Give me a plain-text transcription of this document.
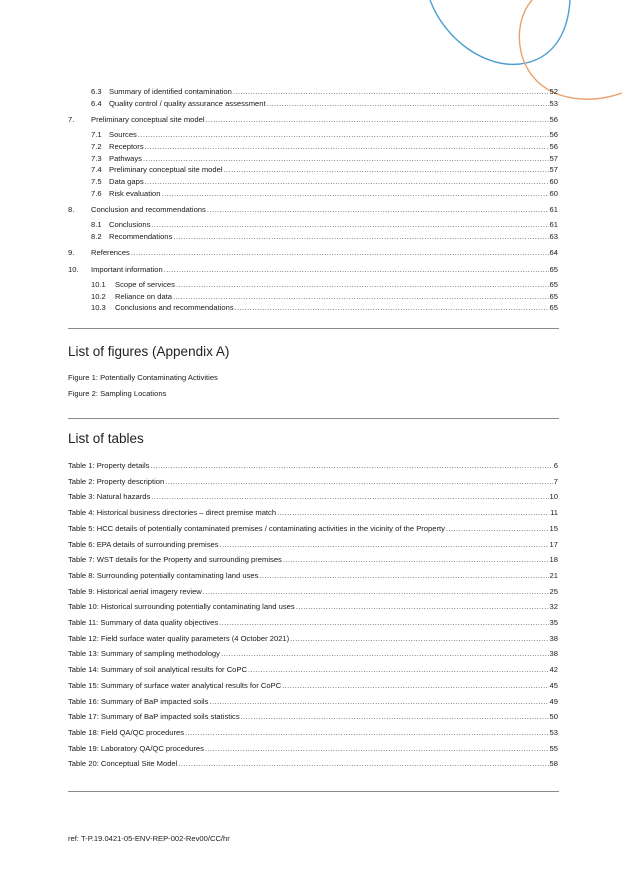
6.3 Summary of identified contamination .....	52
6.4 Quality control / quality assurance assessment .....	53
7.	Preliminary conceptual site model .....	56
7.1 Sources .....	56
7.2 Receptors .....	56
7.3 Pathways .....	57
7.4 Preliminary conceptual site model .....	57
7.5 Data gaps .....	60
7.6 Risk evaluation .....	60
8.	Conclusion and recommendations .....	61
8.1 Conclusions .....	61
8.2 Recommendations .....	63
9.	References .....	64
10.	Important information .....	65
10.1	Scope of services .....	65
10.2	Reliance on data .....	65
10.3	Conclusions and recommendations .....	65
List of figures (Appendix A)
Figure 1: Potentially Contaminating Activities
Figure 2: Sampling Locations
List of tables
Table 1: Property details .....	6
Table 2: Property description .....	7
Table 3: Natural hazards .....	10
Table 4: Historical business directories – direct premise match .....	11
Table 5: HCC details of potentially contaminated premises / contaminating activities in the vicinity of the Property .....	15
Table 6: EPA details of surrounding premises .....	17
Table 7: WST details for the Property and surrounding premises .....	18
Table 8: Surrounding potentially contaminating land uses .....	21
Table 9: Historical aerial imagery review .....	25
Table 10: Historical surrounding potentially contaminating land uses .....	32
Table 11: Summary of data quality objectives .....	35
Table 12: Field surface water quality parameters (4 October 2021) .....	38
Table 13: Summary of sampling methodology .....	38
Table 14: Summary of soil analytical results for CoPC .....	42
Table 15: Summary of surface water analytical results for CoPC .....	45
Table 16: Summary of BaP impacted soils .....	49
Table 17: Summary of BaP impacted soils statistics .....	50
Table 18: Field QA/QC procedures .....	53
Table 19: Laboratory QA/QC procedures .....	55
Table 20: Conceptual Site Model .....	58
ref: T-P.19.0421-05-ENV-REP-002-Rev00/CC/hr
